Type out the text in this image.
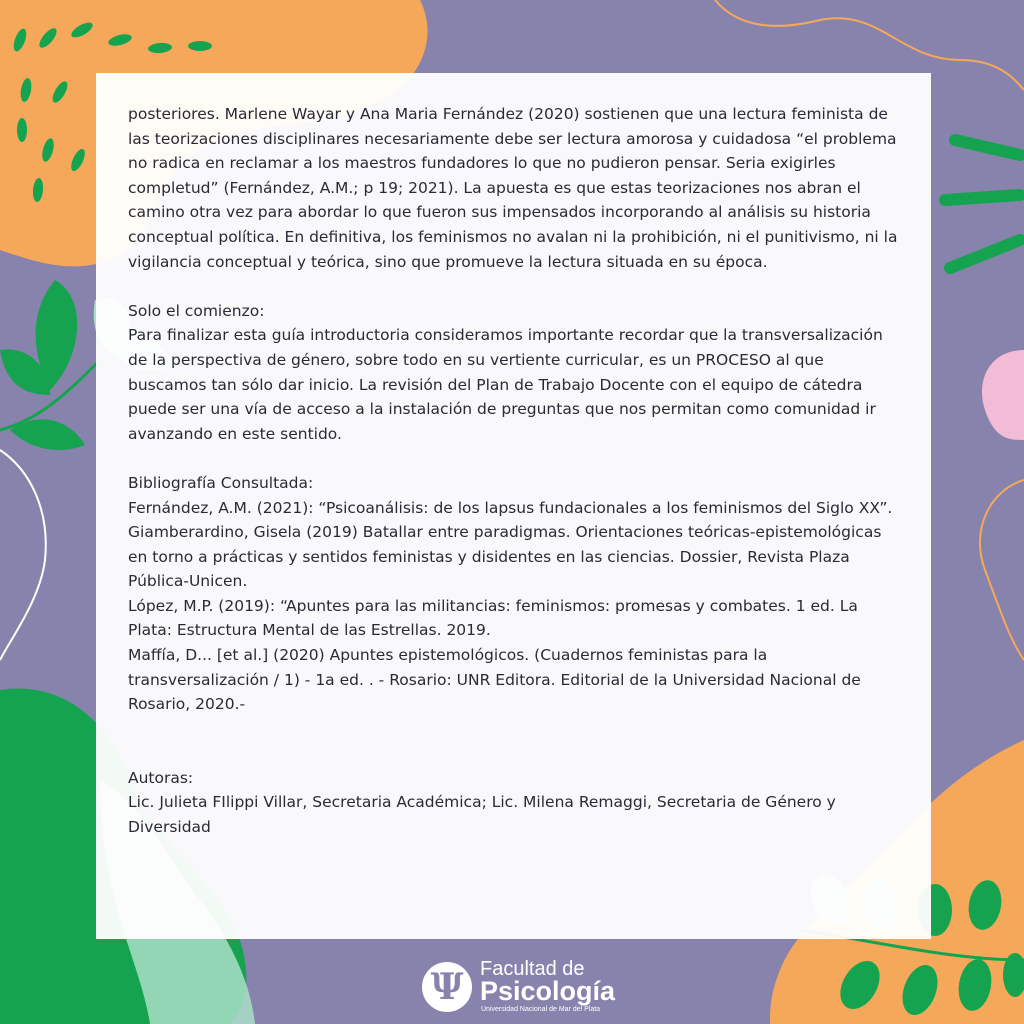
posteriores. Marlene Wayar y Ana Maria Fernández (2020) sostienen que una lectura feminista de las teorizaciones disciplinares necesariamente debe ser lectura amorosa y cuidadosa “el problema no radica en reclamar a los maestros fundadores lo que no pudieron pensar. Seria exigirles completud” (Fernández, A.M.; p 19; 2021). La apuesta es que estas teorizaciones nos abran el camino otra vez para abordar lo que fueron sus impensados incorporando al análisis su historia conceptual política. En definitiva, los feminismos no avalan ni la prohibición, ni el punitivismo, ni la vigilancia conceptual y teórica, sino que promueve la lectura situada en su época.

Solo el comienzo:

Para finalizar esta guía introductoria consideramos importante recordar que la transversalización de la perspectiva de género, sobre todo en su vertiente curricular, es un PROCESO al que buscamos tan sólo dar inicio. La revisión del Plan de Trabajo Docente con el equipo de cátedra puede ser una vía de acceso a la instalación de preguntas que nos permitan como comunidad ir avanzando en este sentido.

Bibliografía Consultada:

Fernández, A.M. (2021): “Psicoanálisis: de los lapsus fundacionales a los feminismos del Siglo XX”.

Giamberardino, Gisela (2019) Batallar entre paradigmas. Orientaciones teóricas-epistemológicas en torno a prácticas y sentidos feministas y disidentes en las ciencias. Dossier, Revista Plaza Pública-Unicen.

López, M.P. (2019): “Apuntes para las militancias: feminismos: promesas y combates. 1 ed. La Plata: Estructura Mental de las Estrellas. 2019.

Maffía, D... [et al.] (2020) Apuntes epistemológicos. (Cuadernos feministas para la transversalización / 1) - 1a ed. . - Rosario: UNR Editora. Editorial de la Universidad Nacional de Rosario, 2020.-

Autoras:

Lic. Julieta FIlippi Villar, Secretaria Académica; Lic. Milena Remaggi, Secretaria de Género y Diversidad

Ψ Facultad de
Psicología
Universidad Nacional de Mar del Plata
